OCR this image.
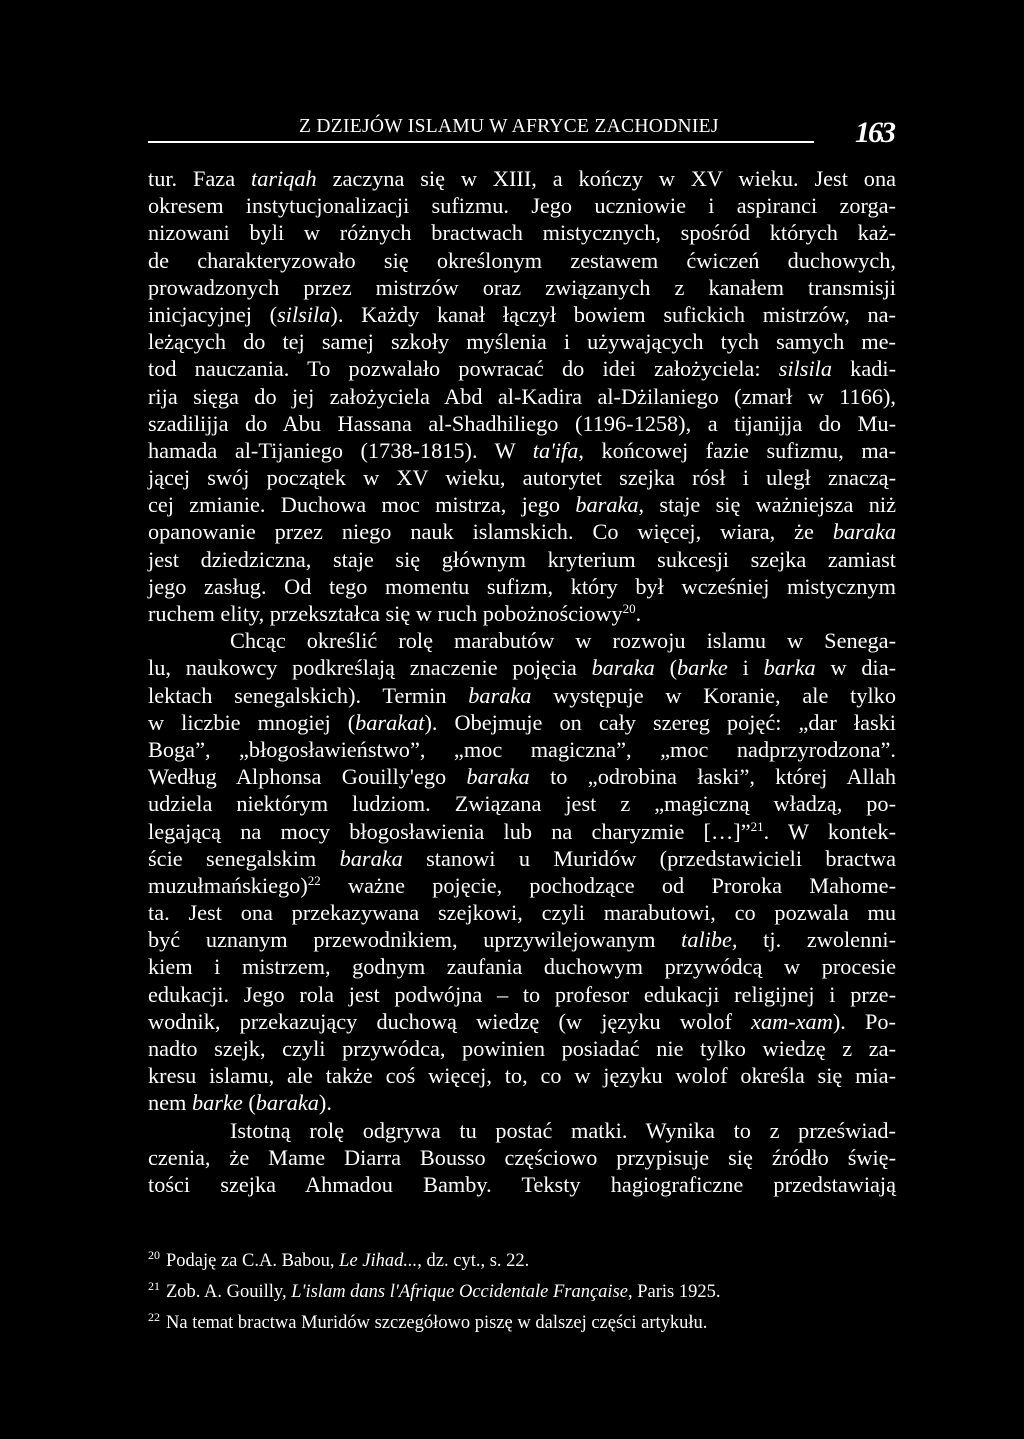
Z DZIEJÓW ISLAMU W AFRYCE ZACHODNIEJ	163
tur. Faza tariqah zaczyna się w XIII, a kończy w XV wieku. Jest ona
okresem instytucjonalizacji sufizmu. Jego uczniowie i aspiranci zorga-
nizowani byli w różnych bractwach mistycznych, spośród których każ-
de charakteryzowało się określonym zestawem ćwiczeń duchowych,
prowadzonych przez mistrzów oraz związanych z kanałem transmisji
inicjacyjnej (silsila). Każdy kanał łączył bowiem sufickich mistrzów, na-
leżących do tej samej szkoły myślenia i używających tych samych me-
tod nauczania. To pozwalało powracać do idei założyciela: silsila kadi-
rija sięga do jej założyciela Abd al-Kadira al-Dżilaniego (zmarł w 1166),
szadilijja do Abu Hassana al-Shadhiliego (1196-1258), a tijanijja do Mu-
hamada al-Tijaniego (1738-1815). W ta'ifa, końcowej fazie sufizmu, ma-
jącej swój początek w XV wieku, autorytet szejka rósł i uległ znaczą-
cej zmianie. Duchowa moc mistrza, jego baraka, staje się ważniejsza niż
opanowanie przez niego nauk islamskich. Co więcej, wiara, że baraka
jest dziedziczna, staje się głównym kryterium sukcesji szejka zamiast
jego zasług. Od tego momentu sufizm, który był wcześniej mistycznym
ruchem elity, przekształca się w ruch pobożnościowy$^{20}$.
Chcąc określić rolę marabutów w rozwoju islamu w Senega-
lu, naukowcy podkreślają znaczenie pojęcia baraka (barke i barka w dia-
lektach senegalskich). Termin baraka występuje w Koranie, ale tylko
w liczbie mnogiej (barakat). Obejmuje on cały szereg pojęć: „dar łaski
Boga”, „błogosławieństwo”, „moc magiczna”, „moc nadprzyrodzona”.
Według Alphonsa Gouilly'ego baraka to „odrobina łaski”, której Allah
udziela niektórym ludziom. Związana jest z „magiczną władzą, po-
legającą na mocy błogosławienia lub na charyzmie […]”$^{21}$. W kontek-
ście senegalskim baraka stanowi u Muridów (przedstawicieli bractwa
muzułmańskiego)$^{22}$ ważne pojęcie, pochodzące od Proroka Mahome-
ta. Jest ona przekazywana szejkowi, czyli marabutowi, co pozwala mu
być uznanym przewodnikiem, uprzywilejowanym talibe, tj. zwolenni-
kiem i mistrzem, godnym zaufania duchowym przywódcą w procesie
edukacji. Jego rola jest podwójna – to profesor edukacji religijnej i prze-
wodnik, przekazujący duchową wiedzę (w języku wolof xam-xam). Po-
nadto szejk, czyli przywódca, powinien posiadać nie tylko wiedzę z za-
kresu islamu, ale także coś więcej, to, co w języku wolof określa się mia-
nem barke (baraka).
Istotną rolę odgrywa tu postać matki. Wynika to z przeświad-
czenia, że Mame Diarra Bousso częściowo przypisuje się źródło świę-
tości szejka Ahmadou Bamby. Teksty hagiograficzne przedstawiają
$^{20}$ Podaję za C.A. Babou, Le Jihad..., dz. cyt., s. 22.
$^{21}$ Zob. A. Gouilly, L'islam dans l'Afrique Occidentale Française, Paris 1925.
$^{22}$ Na temat bractwa Muridów szczegółowo piszę w dalszej części artykułu.
